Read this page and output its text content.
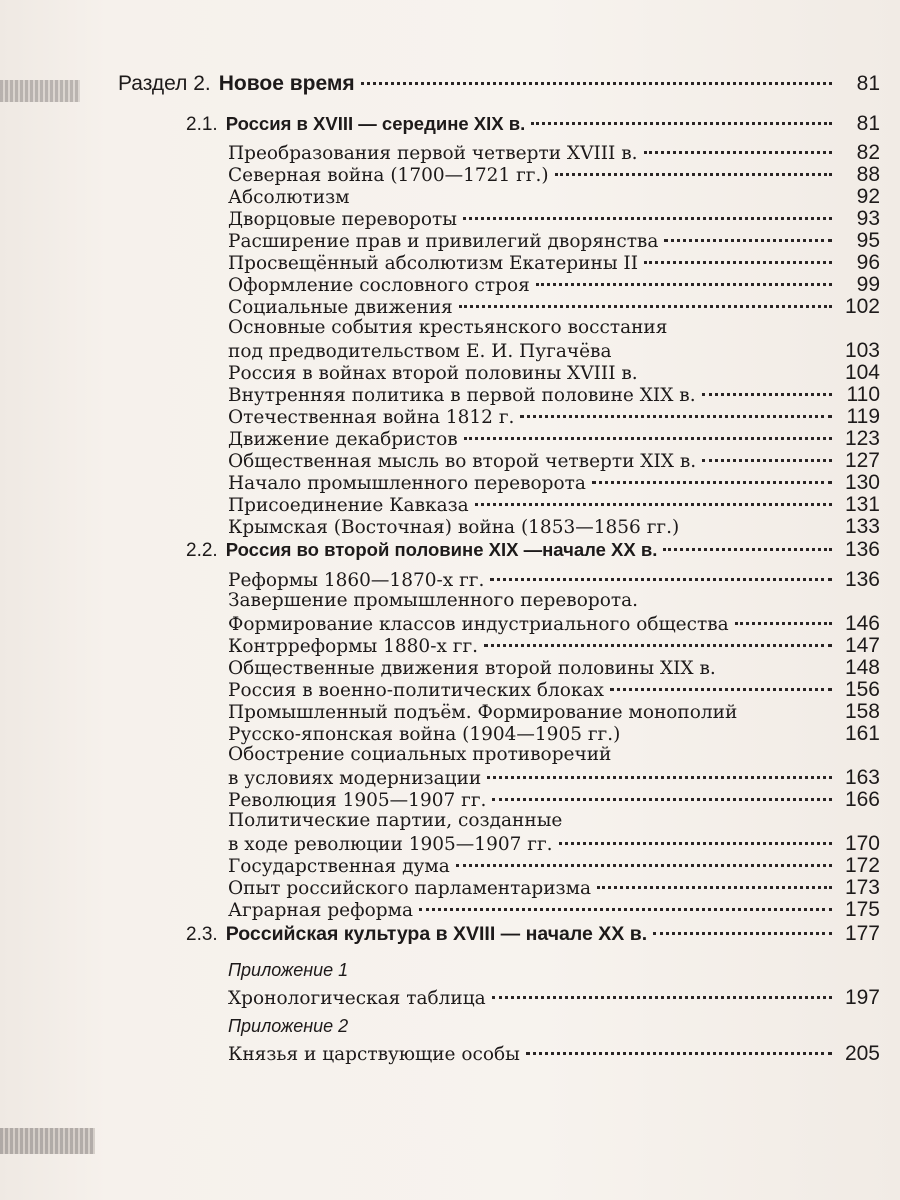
Раздел 2. Новое время	81
2.1. Россия в XVIII — середине XIX в.	81
Преобразования первой четверти XVIII в.	82
Северная война (1700—1721 гг.)	88
Абсолютизм	92
Дворцовые перевороты	93
Расширение прав и привилегий дворянства	95
Просвещённый абсолютизм Екатерины II	96
Оформление сословного строя	99
Социальные движения	102
Основные события крестьянского восстания
под предводительством Е. И. Пугачёва	103
Россия в войнах второй половины XVIII в.	104
Внутренняя политика в первой половине XIX в.	110
Отечественная война 1812 г.	119
Движение декабристов	123
Общественная мысль во второй четверти XIX в.	127
Начало промышленного переворота	130
Присоединение Кавказа	131
Крымская (Восточная) война (1853—1856 гг.)	133
2.2. Россия во второй половине XIX —начале XX в.	136
Реформы 1860—1870-х гг.	136
Завершение промышленного переворота.
Формирование классов индустриального общества	146
Контрреформы 1880-х гг.	147
Общественные движения второй половины XIX в.	148
Россия в военно-политических блоках	156
Промышленный подъём. Формирование монополий	158
Русско-японская война (1904—1905 гг.)	161
Обострение социальных противоречий
в условиях модернизации	163
Революция 1905—1907 гг.	166
Политические партии, созданные
в ходе революции 1905—1907 гг.	170
Государственная дума	172
Опыт российского парламентаризма	173
Аграрная реформа	175
2.3. Российская культура в XVIII — начале XX в.	177
Приложение 1
Хронологическая таблица	197
Приложение 2
Князья и царствующие особы	205
